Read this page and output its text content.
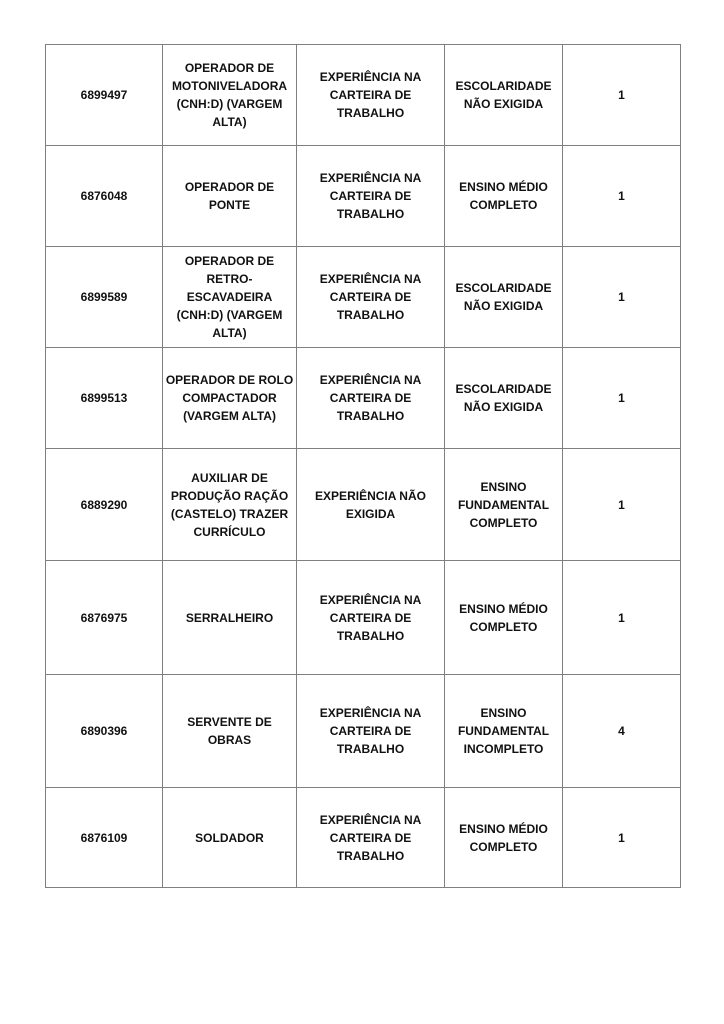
6899497	OPERADOR DE
MOTONIVELADORA
(CNH:D) (VARGEM
ALTA)	EXPERIÊNCIA NA
CARTEIRA DE
TRABALHO	ESCOLARIDADE
NÃO EXIGIDA	1
6876048	OPERADOR DE
PONTE	EXPERIÊNCIA NA
CARTEIRA DE
TRABALHO	ENSINO MÉDIO
COMPLETO	1
6899589	OPERADOR DE RETRO-
ESCAVADEIRA
(CNH:D) (VARGEM
ALTA)	EXPERIÊNCIA NA
CARTEIRA DE
TRABALHO	ESCOLARIDADE
NÃO EXIGIDA	1
6899513	OPERADOR DE ROLO
COMPACTADOR
(VARGEM ALTA)	EXPERIÊNCIA NA
CARTEIRA DE
TRABALHO	ESCOLARIDADE
NÃO EXIGIDA	1
6889290	AUXILIAR DE
PRODUÇÃO RAÇÃO
(CASTELO) TRAZER
CURRÍCULO	EXPERIÊNCIA NÃO
EXIGIDA	ENSINO
FUNDAMENTAL
COMPLETO	1
6876975	SERRALHEIRO	EXPERIÊNCIA NA
CARTEIRA DE
TRABALHO	ENSINO MÉDIO
COMPLETO	1
6890396	SERVENTE DE OBRAS	EXPERIÊNCIA NA
CARTEIRA DE
TRABALHO	ENSINO
FUNDAMENTAL
INCOMPLETO	4
6876109	SOLDADOR	EXPERIÊNCIA NA
CARTEIRA DE
TRABALHO	ENSINO MÉDIO
COMPLETO	1
